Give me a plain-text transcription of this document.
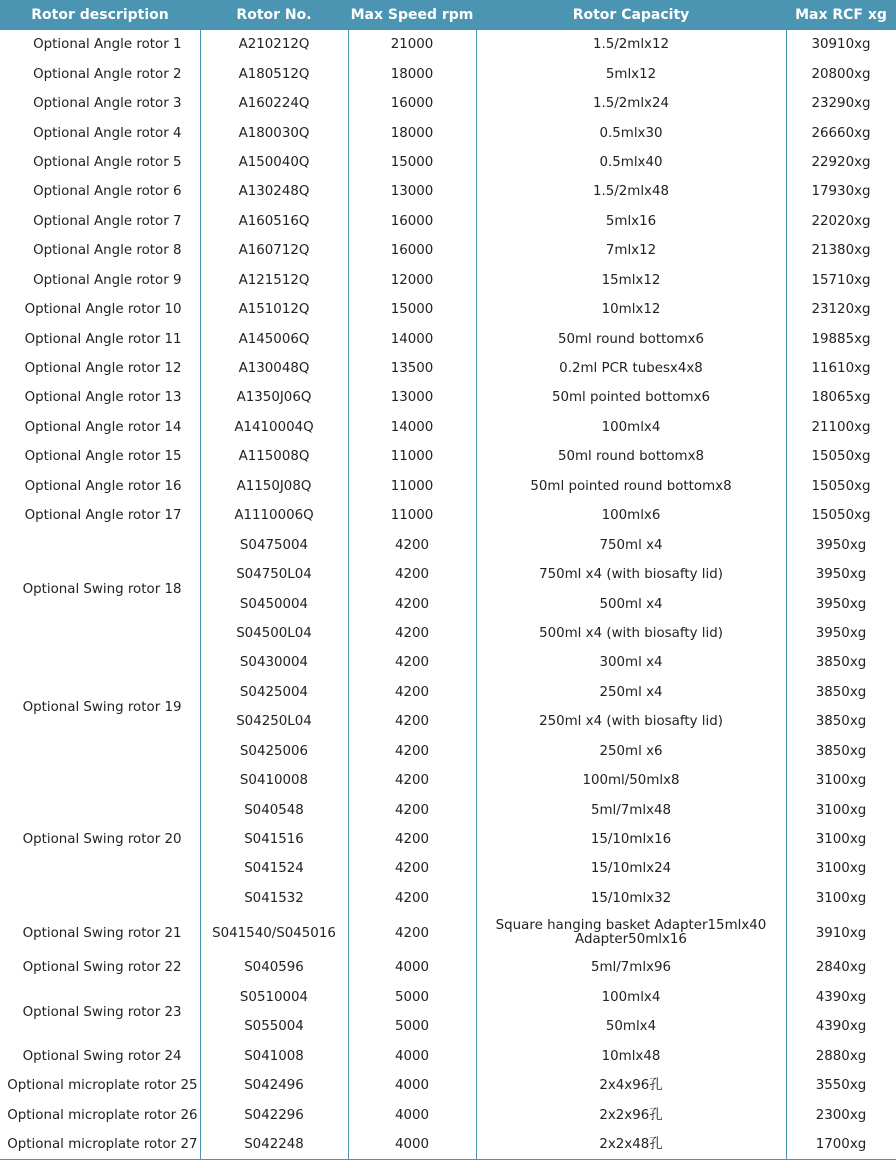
Rotor description	Rotor No.	Max Speed rpm	Rotor Capacity	Max RCF xg
Optional Angle rotor 1	A210212Q	21000	1.5/2mlx12	30910xg
Optional Angle rotor 2	A180512Q	18000	5mlx12	20800xg
Optional Angle rotor 3	A160224Q	16000	1.5/2mlx24	23290xg
Optional Angle rotor 4	A180030Q	18000	0.5mlx30	26660xg
Optional Angle rotor 5	A150040Q	15000	0.5mlx40	22920xg
Optional Angle rotor 6	A130248Q	13000	1.5/2mlx48	17930xg
Optional Angle rotor 7	A160516Q	16000	5mlx16	22020xg
Optional Angle rotor 8	A160712Q	16000	7mlx12	21380xg
Optional Angle rotor 9	A121512Q	12000	15mlx12	15710xg
Optional Angle rotor 10	A151012Q	15000	10mlx12	23120xg
Optional Angle rotor 11	A145006Q	14000	50ml round bottomx6	19885xg
Optional Angle rotor 12	A130048Q	13500	0.2ml PCR tubesx4x8	11610xg
Optional Angle rotor 13	A1350J06Q	13000	50ml pointed bottomx6	18065xg
Optional Angle rotor 14	A1410004Q	14000	100mlx4	21100xg
Optional Angle rotor 15	A115008Q	11000	50ml round bottomx8	15050xg
Optional Angle rotor 16	A1150J08Q	11000	50ml pointed round bottomx8	15050xg
Optional Angle rotor 17	A1110006Q	11000	100mlx6	15050xg
Optional Swing rotor 18	S0475004	4200	750ml x4	3950xg
	S04750L04	4200	750ml x4 (with biosafty lid)	3950xg
	S0450004	4200	500ml x4	3950xg
	S04500L04	4200	500ml x4 (with biosafty lid)	3950xg
Optional Swing rotor 19	S0430004	4200	300ml x4	3850xg
	S0425004	4200	250ml x4	3850xg
	S04250L04	4200	250ml x4 (with biosafty lid)	3850xg
	S0425006	4200	250ml x6	3850xg
Optional Swing rotor 20	S0410008	4200	100ml/50mlx8	3100xg
	S040548	4200	5ml/7mlx48	3100xg
	S041516	4200	15/10mlx16	3100xg
	S041524	4200	15/10mlx24	3100xg
	S041532	4200	15/10mlx32	3100xg
Optional Swing rotor 21	S041540/S045016	4200	Square hanging basket Adapter15mlx40 Adapter50mlx16	3910xg
Optional Swing rotor 22	S040596	4000	5ml/7mlx96	2840xg
Optional Swing rotor 23	S0510004	5000	100mlx4	4390xg
	S055004	5000	50mlx4	4390xg
Optional Swing rotor 24	S041008	4000	10mlx48	2880xg
Optional microplate rotor 25	S042496	4000	2x4x96孔	3550xg
Optional microplate rotor 26	S042296	4000	2x2x96孔	2300xg
Optional microplate rotor 27	S042248	4000	2x2x48孔	1700xg
